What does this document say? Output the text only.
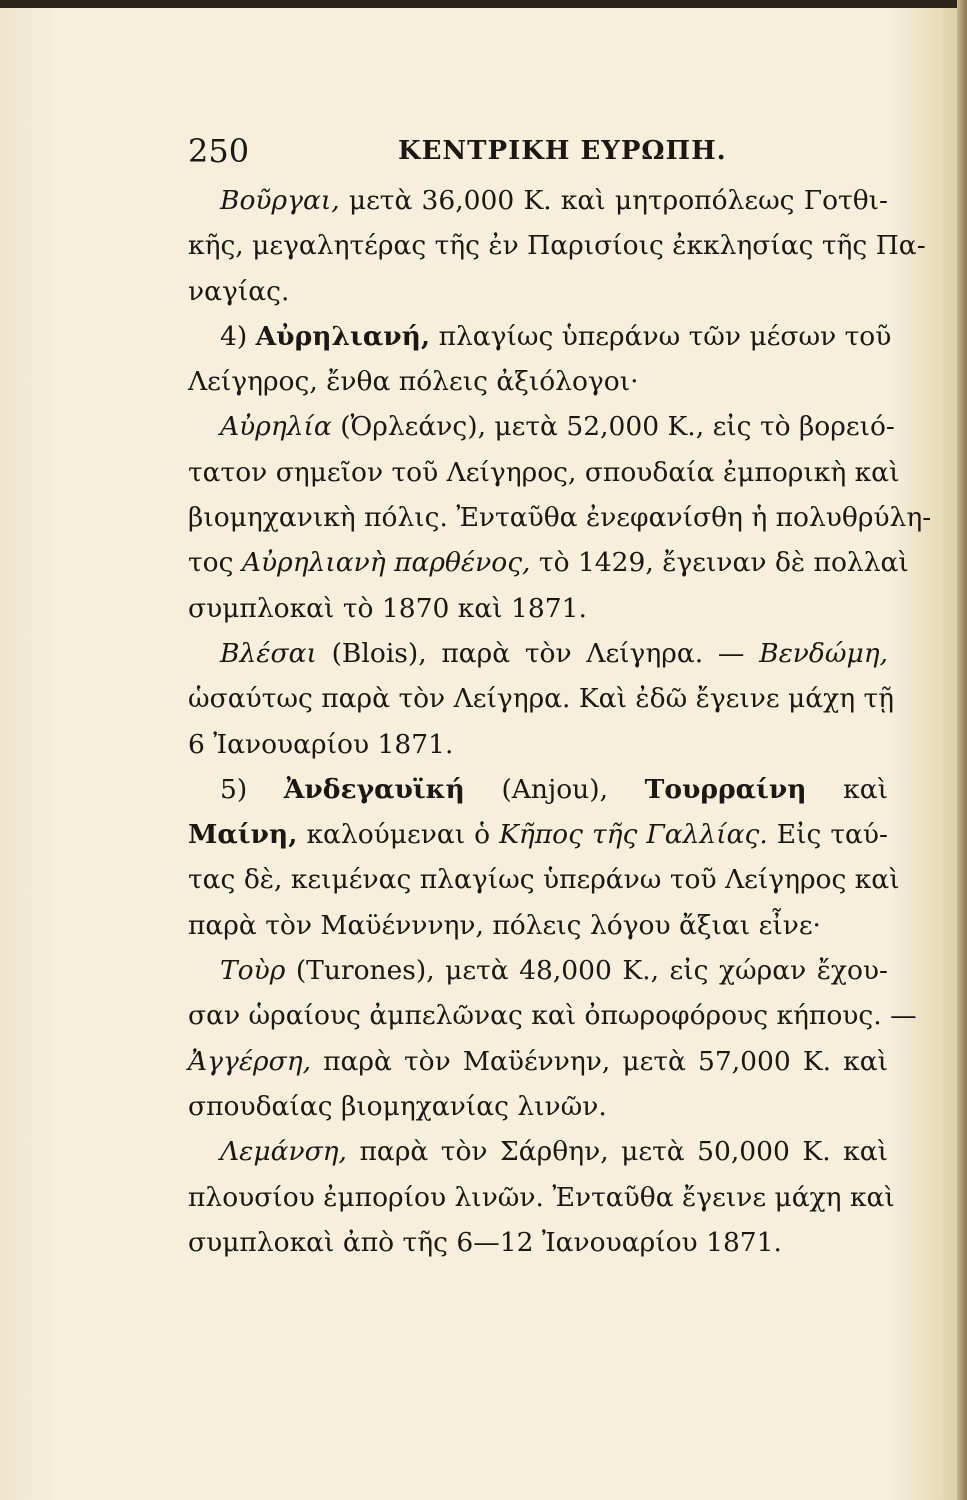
250	ΚΕΝΤΡΙΚΗ ΕΥΡΩΠΗ.
Βοῦργαι, μετὰ 36,000 Κ. καὶ μητροπόλεως Γοτθι-
κῆς, μεγαλητέρας τῆς ἐν Παρισίοις ἐκκλησίας τῆς Πα-
ναγίας.
4) Αὐρηλιανή, πλαγίως ὑπεράνω τῶν μέσων τοῦ
Λείγηρος, ἔνθα πόλεις ἀξιόλογοι·
Αὐρηλία (Ὀρλεάνς), μετὰ 52,000 Κ., εἰς τὸ βορειό-
τατον σημεῖον τοῦ Λείγηρος, σπουδαία ἐμπορικὴ καὶ
βιομηχανικὴ πόλις. Ἐνταῦθα ἐνεφανίσθη ἡ πολυθρύλη-
τος Αὐρηλιανὴ παρθένος, τὸ 1429, ἔγειναν δὲ πολλαὶ
συμπλοκαὶ τὸ 1870 καὶ 1871.
Βλέσαι (Blois), παρὰ τὸν Λείγηρα. — Βενδώμη,
ὡσαύτως παρὰ τὸν Λείγηρα. Καὶ ἐδῶ ἔγεινε μάχη τῇ
6 Ἰανουαρίου 1871.
5) Ἀνδεγαυϊκή (Anjou), Τουρραίνη καὶ
Μαίνη, καλούμεναι ὁ Κῆπος τῆς Γαλλίας. Εἰς ταύ-
τας δὲ, κειμένας πλαγίως ὑπεράνω τοῦ Λείγηρος καὶ
παρὰ τὸν Μαϋένννην, πόλεις λόγου ἄξιαι εἶνε·
Τοὺρ (Turones), μετὰ 48,000 Κ., εἰς χώραν ἔχου-
σαν ὡραίους ἀμπελῶνας καὶ ὀπωροφόρους κήπους. —
Ἀγγέρση, παρὰ τὸν Μαϋέννην, μετὰ 57,000 Κ. καὶ
σπουδαίας βιομηχανίας λινῶν.
Λεμάνση, παρὰ τὸν Σάρθην, μετὰ 50,000 Κ. καὶ
πλουσίου ἐμπορίου λινῶν. Ἐνταῦθα ἔγεινε μάχη καὶ
συμπλοκαὶ ἀπὸ τῆς 6—12 Ἰανουαρίου 1871.
